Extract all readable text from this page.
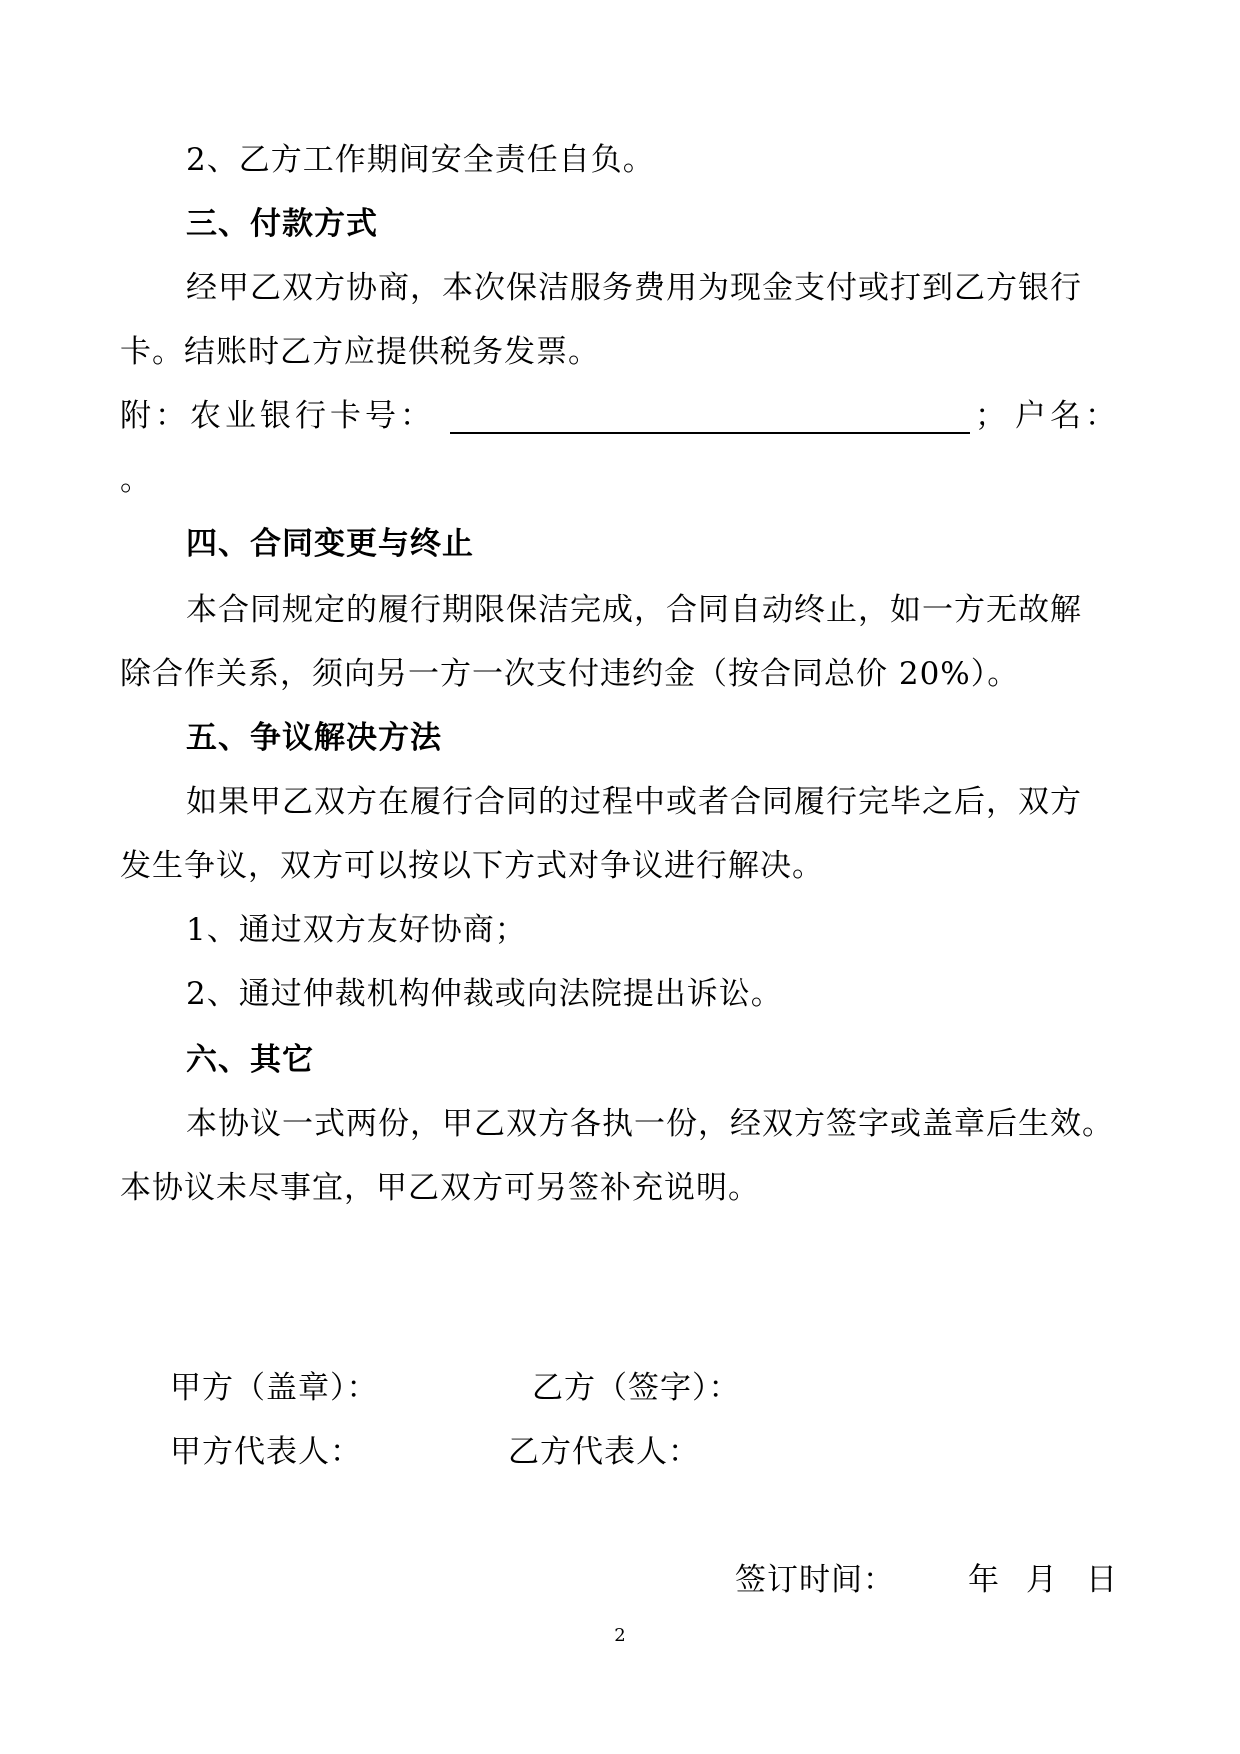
2、乙方工作期间安全责任自负。

三、付款方式

经甲乙双方协商，本次保洁服务费用为现金支付或打到乙方银行

卡。结账时乙方应提供税务发票。

附：农业银行卡号：	； 户名：

。

四、合同变更与终止

本合同规定的履行期限保洁完成，合同自动终止，如一方无故解

除合作关系，须向另一方一次支付违约金（按合同总价 20%）。

五、争议解决方法

如果甲乙双方在履行合同的过程中或者合同履行完毕之后，双方

发生争议，双方可以按以下方式对争议进行解决。

1、通过双方友好协商；

2、通过仲裁机构仲裁或向法院提出诉讼。

六、其它

本协议一式两份，甲乙双方各执一份，经双方签字或盖章后生效。

本协议未尽事宜，甲乙双方可另签补充说明。

甲方（盖章）：	乙方（签字）：
甲方代表人：	乙方代表人：
签订时间： 年 月 日
2
